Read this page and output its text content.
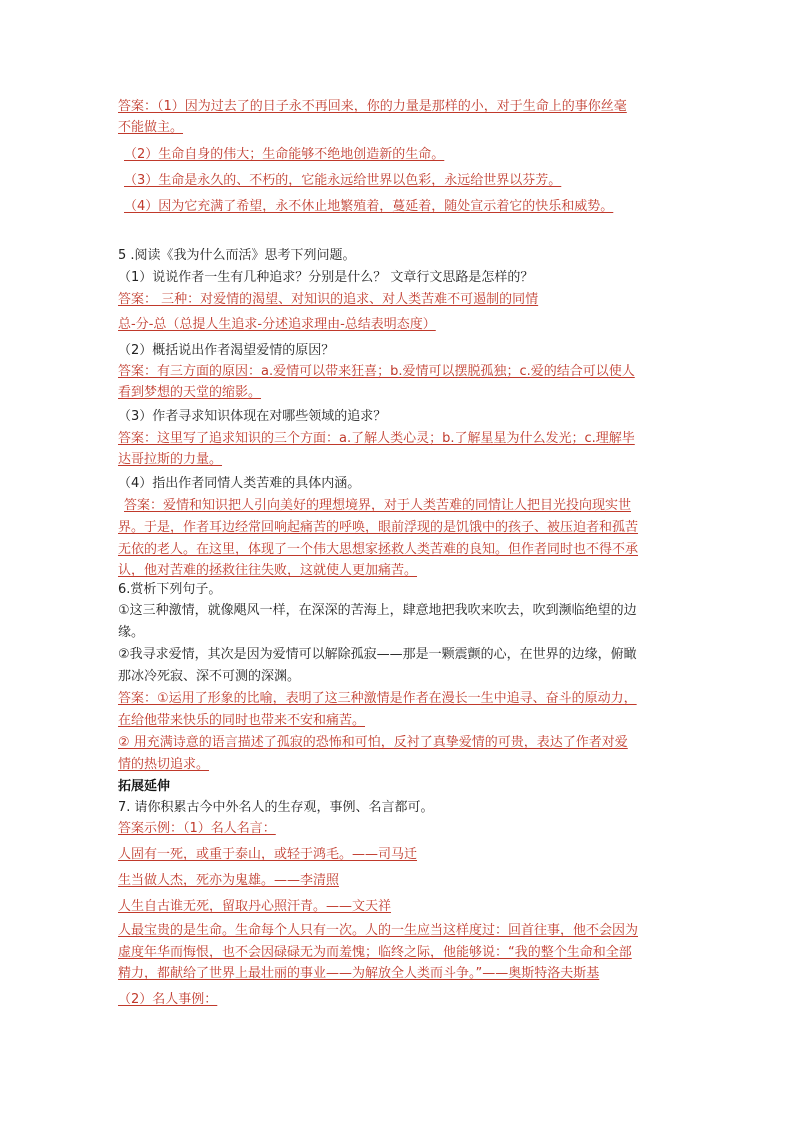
答案：（1）因为过去了的日子永不再回来，你的力量是那样的小，对于生命上的事你丝毫
不能做主。
（2）生命自身的伟大；生命能够不绝地创造新的生命。
（3）生命是永久的、不朽的，它能永远给世界以色彩，永远给世界以芬芳。
（4）因为它充满了希望，永不休止地繁殖着，蔓延着，随处宣示着它的快乐和威势。
5 .阅读《我为什么而活》思考下列问题。
（1）说说作者一生有几种追求？分别是什么？ 文章行文思路是怎样的？
答案： 三种：对爱情的渴望、对知识的追求、对人类苦难不可遏制的同情
总-分-总（总提人生追求-分述追求理由-总结表明态度）
（2）概括说出作者渴望爱情的原因？
答案：有三方面的原因：a.爱情可以带来狂喜；b.爱情可以摆脱孤独；c.爱的结合可以使人
看到梦想的天堂的缩影。
（3）作者寻求知识体现在对哪些领域的追求？
答案：这里写了追求知识的三个方面：a.了解人类心灵；b.了解星星为什么发光；c.理解毕
达哥拉斯的力量。
（4）指出作者同情人类苦难的具体内涵。
答案：爱情和知识把人引向美好的理想境界，对于人类苦难的同情让人把目光投向现实世
界。于是，作者耳边经常回响起痛苦的呼唤，眼前浮现的是饥饿中的孩子、被压迫者和孤苦
无依的老人。在这里，体现了一个伟大思想家拯救人类苦难的良知。但作者同时也不得不承
认，他对苦难的拯救往往失败，这就使人更加痛苦。
6.赏析下列句子。
①这三种激情，就像飓风一样，在深深的苦海上，肆意地把我吹来吹去，吹到濒临绝望的边
缘。
②我寻求爱情，其次是因为爱情可以解除孤寂——那是一颗震颤的心，在世界的边缘，俯瞰
那冰冷死寂、深不可测的深渊。
答案：①运用了形象的比喻，表明了这三种激情是作者在漫长一生中追寻、奋斗的原动力，
在给他带来快乐的同时也带来不安和痛苦。
② 用充满诗意的语言描述了孤寂的恐怖和可怕，反衬了真挚爱情的可贵，表达了作者对爱
情的热切追求。
拓展延伸
7. 请你积累古今中外名人的生存观，事例、名言都可。
答案示例：（1）名人名言：
人固有一死，或重于泰山，或轻于鸿毛。——司马迁
生当做人杰，死亦为鬼雄。——李清照
人生自古谁无死，留取丹心照汗青。——文天祥
人最宝贵的是生命。生命每个人只有一次。人的一生应当这样度过：回首往事，他不会因为
虚度年华而悔恨，也不会因碌碌无为而羞愧；临终之际，他能够说：“我的整个生命和全部
精力，都献给了世界上最壮丽的事业——为解放全人类而斗争。”——奥斯特洛夫斯基
（2）名人事例：
